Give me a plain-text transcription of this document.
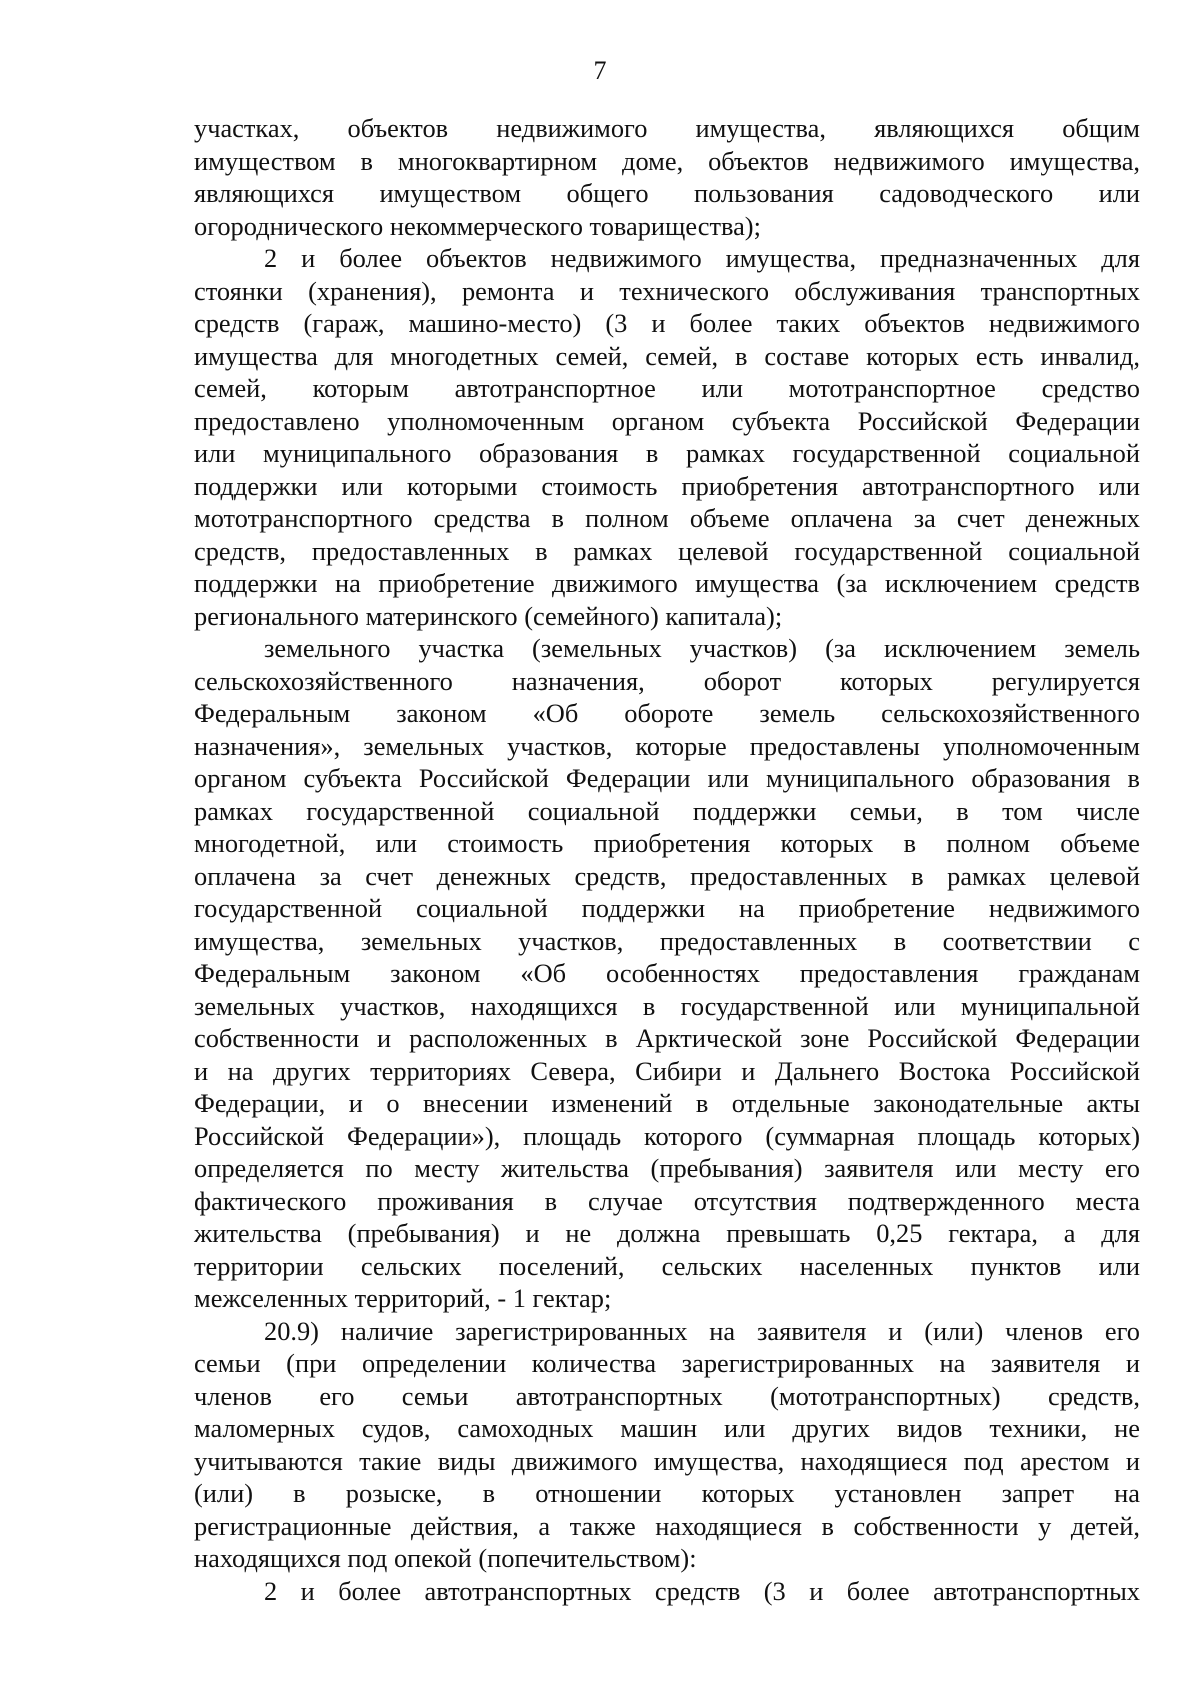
7

участках, объектов недвижимого имущества, являющихся общим

имуществом в многоквартирном доме, объектов недвижимого имущества,

являющихся имуществом общего пользования садоводческого или

огороднического некоммерческого товарищества);

2 и более объектов недвижимого имущества, предназначенных для

стоянки (хранения), ремонта и технического обслуживания транспортных

средств (гараж, машино-место) (3 и более таких объектов недвижимого

имущества для многодетных семей, семей, в составе которых есть инвалид,

семей, которым автотранспортное или мототранспортное средство

предоставлено уполномоченным органом субъекта Российской Федерации

или муниципального образования в рамках государственной социальной

поддержки или которыми стоимость приобретения автотранспортного или

мототранспортного средства в полном объеме оплачена за счет денежных

средств, предоставленных в рамках целевой государственной социальной

поддержки на приобретение движимого имущества (за исключением средств

регионального материнского (семейного) капитала);

земельного участка (земельных участков) (за исключением земель

сельскохозяйственного назначения, оборот которых регулируется

Федеральным законом «Об обороте земель сельскохозяйственного

назначения», земельных участков, которые предоставлены уполномоченным

органом субъекта Российской Федерации или муниципального образования в

рамках государственной социальной поддержки семьи, в том числе

многодетной, или стоимость приобретения которых в полном объеме

оплачена за счет денежных средств, предоставленных в рамках целевой

государственной социальной поддержки на приобретение недвижимого

имущества, земельных участков, предоставленных в соответствии с

Федеральным законом «Об особенностях предоставления гражданам

земельных участков, находящихся в государственной или муниципальной

собственности и расположенных в Арктической зоне Российской Федерации

и на других территориях Севера, Сибири и Дальнего Востока Российской

Федерации, и о внесении изменений в отдельные законодательные акты

Российской Федерации»), площадь которого (суммарная площадь которых)

определяется по месту жительства (пребывания) заявителя или месту его

фактического проживания в случае отсутствия подтвержденного места

жительства (пребывания) и не должна превышать 0,25 гектара, а для

территории сельских поселений, сельских населенных пунктов или

межселенных территорий, - 1 гектар;

20.9) наличие зарегистрированных на заявителя и (или) членов его

семьи (при определении количества зарегистрированных на заявителя и

членов его семьи автотранспортных (мототранспортных) средств,

маломерных судов, самоходных машин или других видов техники, не

учитываются такие виды движимого имущества, находящиеся под арестом и

(или) в розыске, в отношении которых установлен запрет на

регистрационные действия, а также находящиеся в собственности у детей,

находящихся под опекой (попечительством):

2 и более автотранспортных средств (3 и более автотранспортных
